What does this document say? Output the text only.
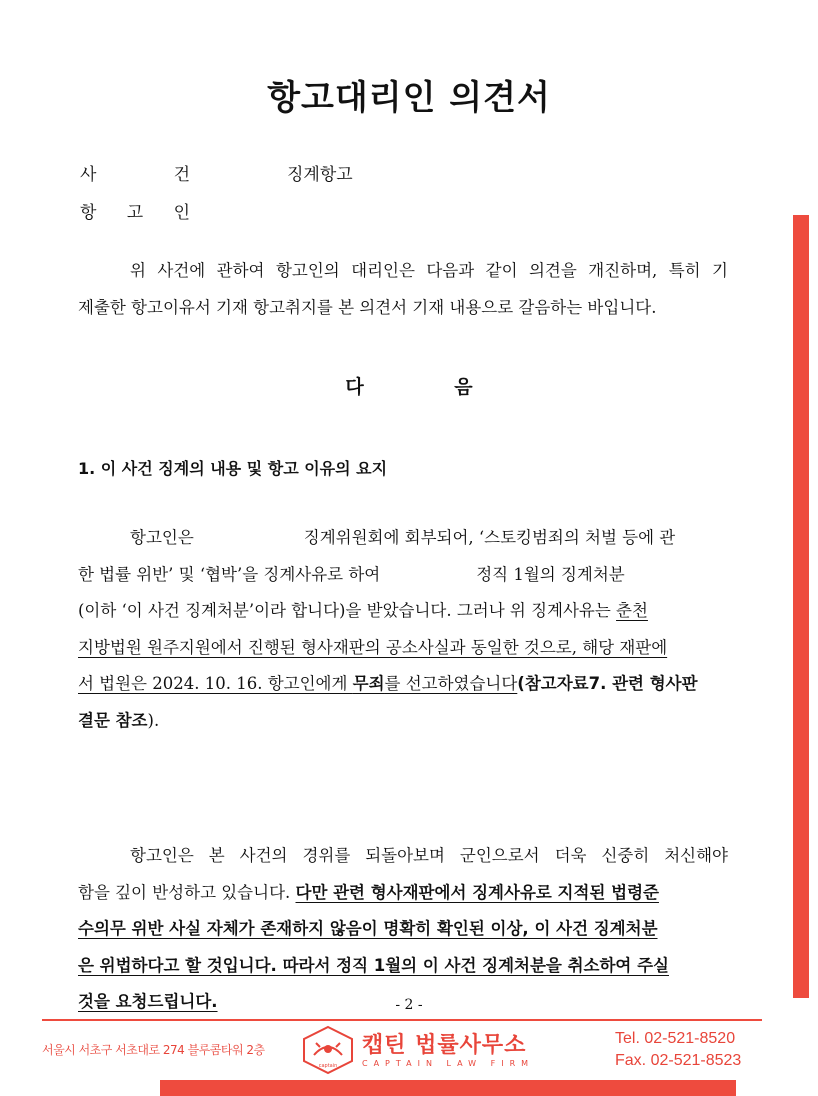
항고대리인 의견서
사	건	징계항고
항 고 인
위 사건에 관하여 항고인의 대리인은 다음과 같이 의견을 개진하며, 특히 기
제출한 항고이유서 기재 항고취지를 본 의견서 기재 내용으로 갈음하는 바입니다.
다 음
1. 이 사건 징계의 내용 및 항고 이유의 요지
항고인은	징계위원회에 회부되어, ‘스토킹범죄의 처벌 등에 관
한 법률 위반’ 및 ‘협박’을 징계사유로 하여	정직 1월의 징계처분
(이하 ‘이 사건 징계처분’이라 합니다)을 받았습니다. 그러나 위 징계사유는 춘천
지방법원 원주지원에서 진행된 형사재판의 공소사실과 동일한 것으로, 해당 재판에
서 법원은 2024. 10. 16. 항고인에게 무죄를 선고하였습니다(참고자료7. 관련 형사판
결문 참조).
항고인은 본 사건의 경위를 되돌아보며 군인으로서 더욱 신중히 처신해야
함을 깊이 반성하고 있습니다. 다만 관련 형사재판에서 징계사유로 지적된 법령준
수의무 위반 사실 자체가 존재하지 않음이 명확히 확인된 이상, 이 사건 징계처분
은 위법하다고 할 것입니다. 따라서 정직 1월의 이 사건 징계처분을 취소하여 주실
것을 요청드립니다.	- 2 -
서울시 서초구 서초대로 274 블루콤타워 2층
captain
캡틴 법률사무소
CAPTAIN LAW FIRM
Tel. 02-521-8520
Fax. 02-521-8523
